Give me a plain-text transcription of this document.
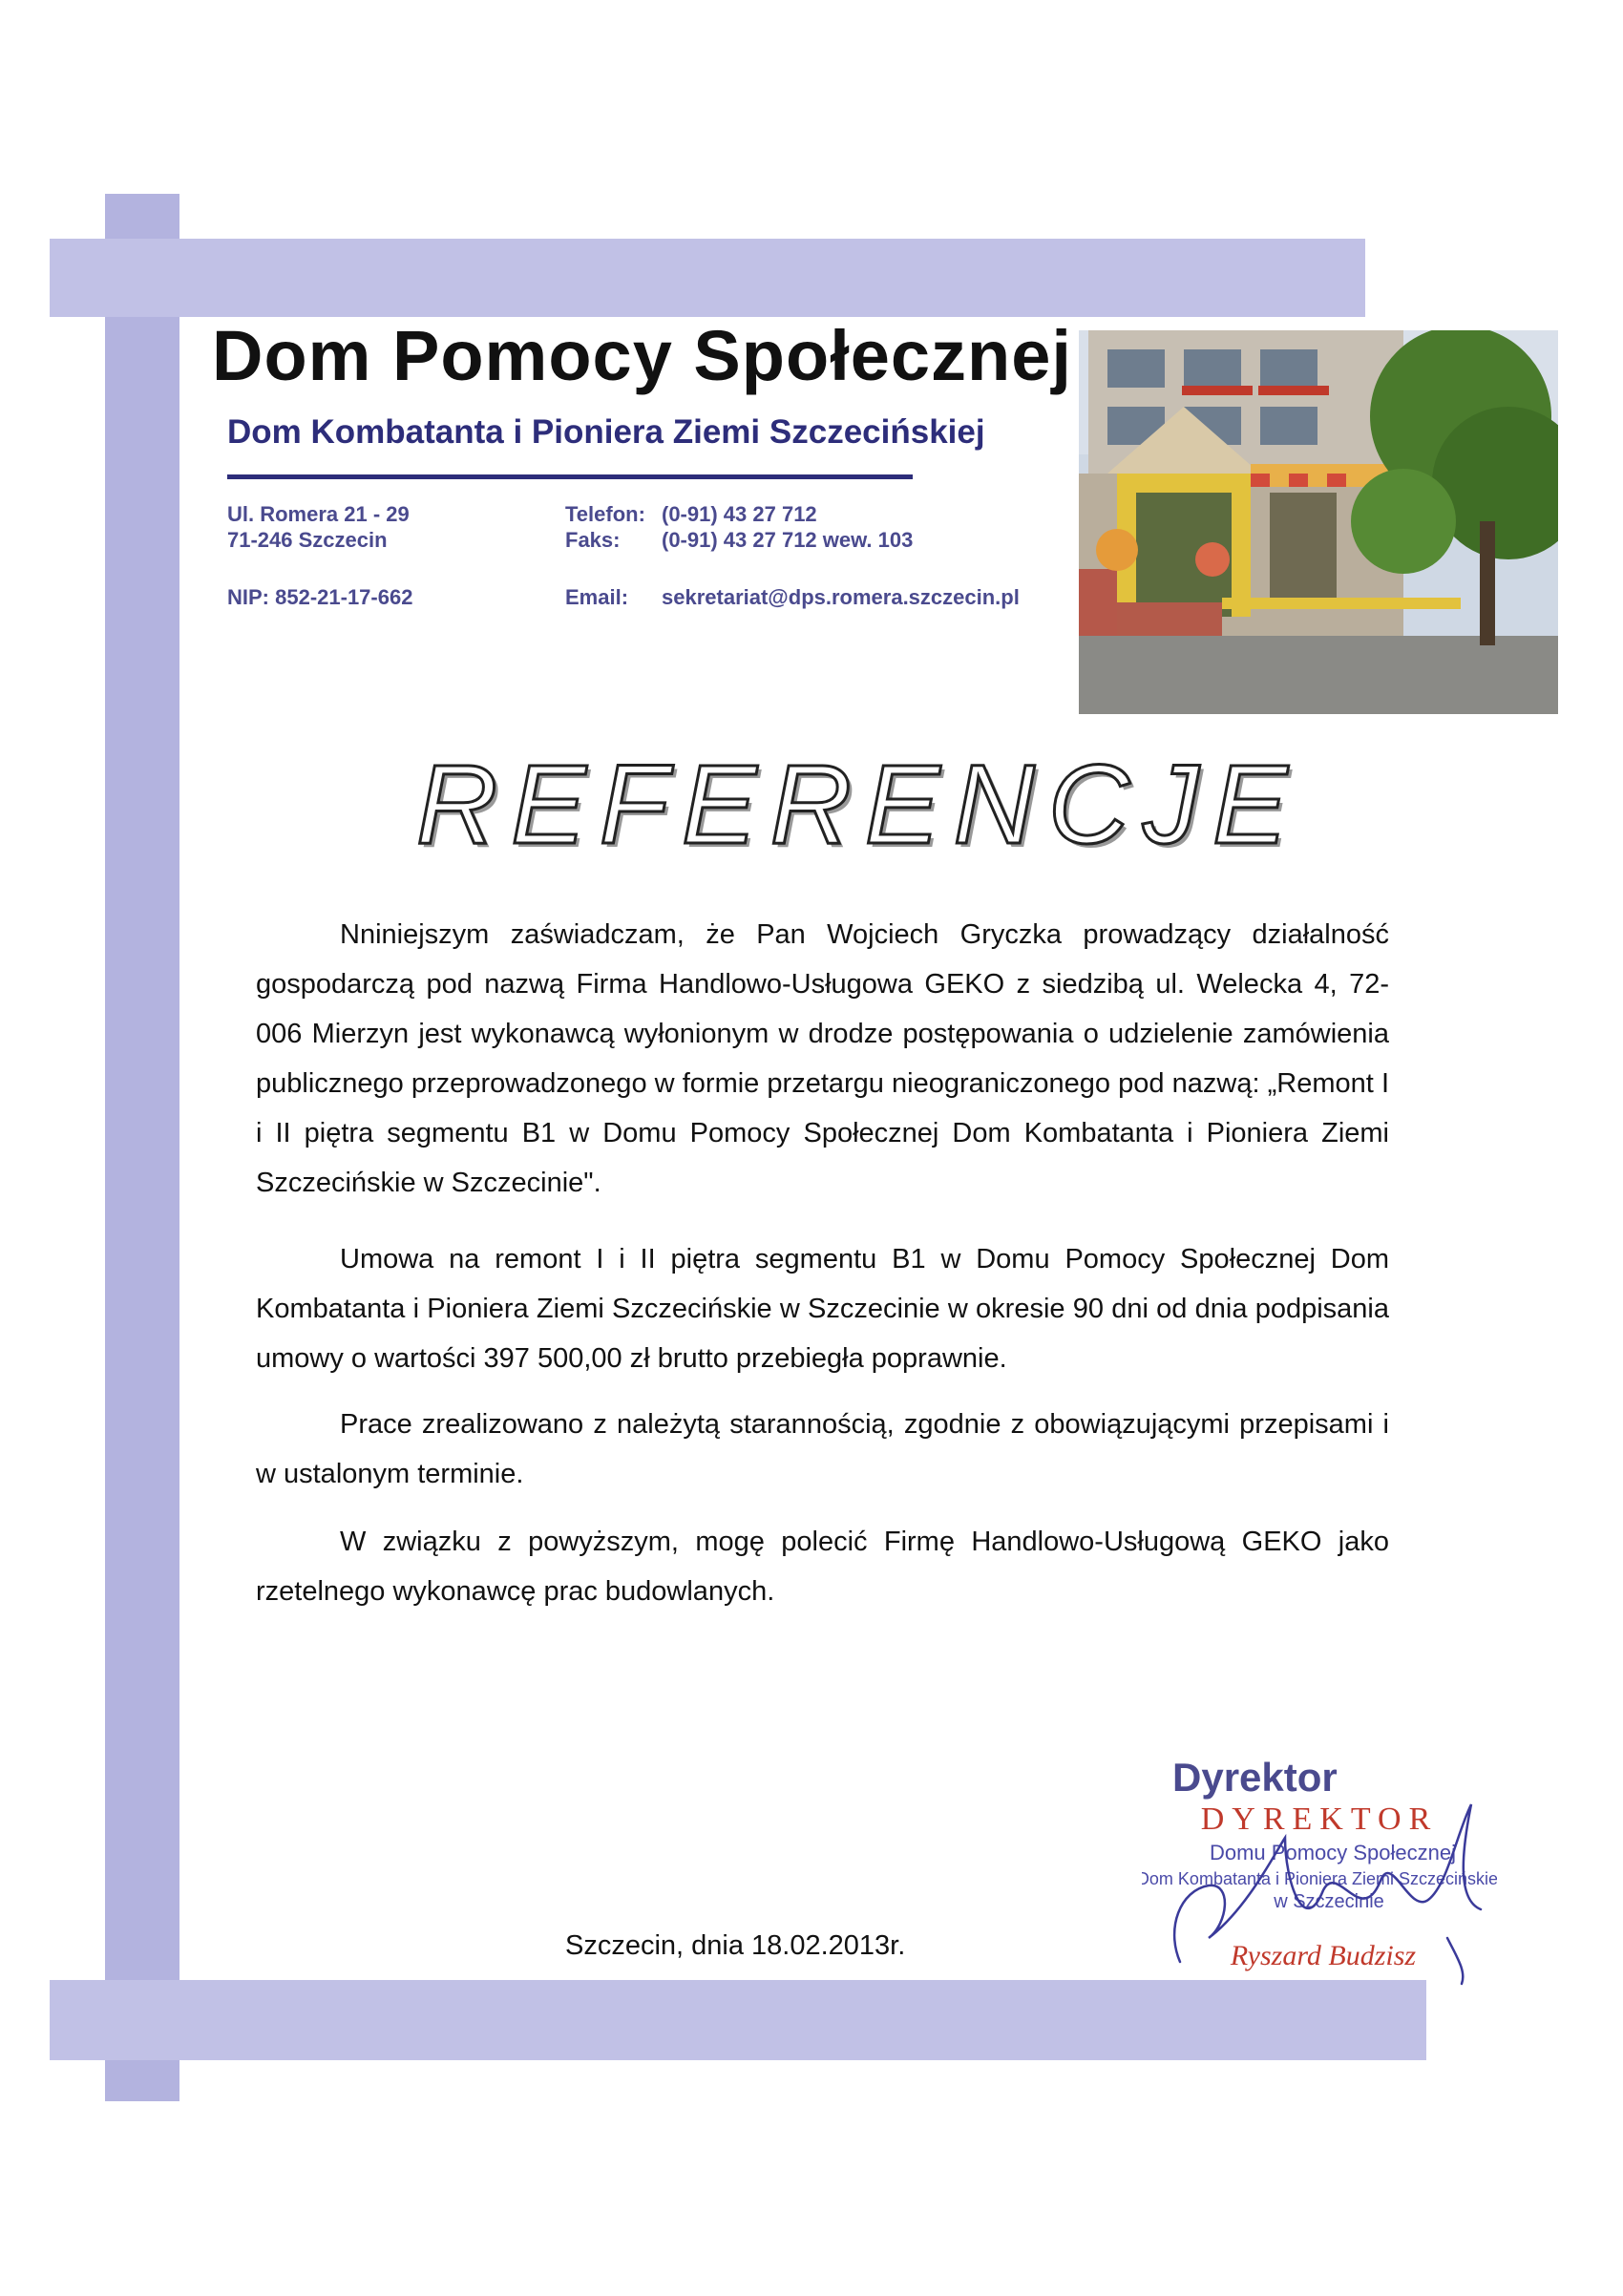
Dom Pomocy Społecznej
Dom Kombatanta i Pioniera Ziemi Szczecińskiej
Ul. Romera 21 - 29
71-246 Szczecin
NIP: 852-21-17-662
Telefon: (0-91) 43 27 712
Faks: (0-91) 43 27 712 wew. 103
Email: sekretariat@dps.romera.szczecin.pl
REFERENCJE

Nniniejszym zaświadczam, że Pan Wojciech Gryczka prowadzący działalność gospodarczą pod nazwą Firma Handlowo-Usługowa GEKO z siedzibą ul. Welecka 4, 72-006 Mierzyn jest wykonawcą wyłonionym w drodze postępowania o udzielenie zamówienia publicznego przeprowadzonego w formie przetargu nieograniczonego pod nazwą: „Remont I i II piętra segmentu B1 w Domu Pomocy Społecznej Dom Kombatanta i Pioniera Ziemi Szczecińskie w Szczecinie".

Umowa na remont I i II piętra segmentu B1 w Domu Pomocy Społecznej Dom Kombatanta i Pioniera Ziemi Szczecińskie w Szczecinie w okresie 90 dni od dnia podpisania umowy o wartości 397 500,00 zł brutto przebiegła poprawnie.

Prace zrealizowano z należytą starannością, zgodnie z obowiązującymi przepisami i w ustalonym terminie.

W związku z powyższym, mogę polecić Firmę Handlowo-Usługową GEKO jako rzetelnego wykonawcę prac budowlanych.

Szczecin, dnia 18.02.2013r.
Dyrektor
DYREKTOR
Domu Pomocy Społecznej
Dom Kombatanta i Pioniera Ziemi Szczecińskiej
w Szczecinie
Ryszard Budzisz
